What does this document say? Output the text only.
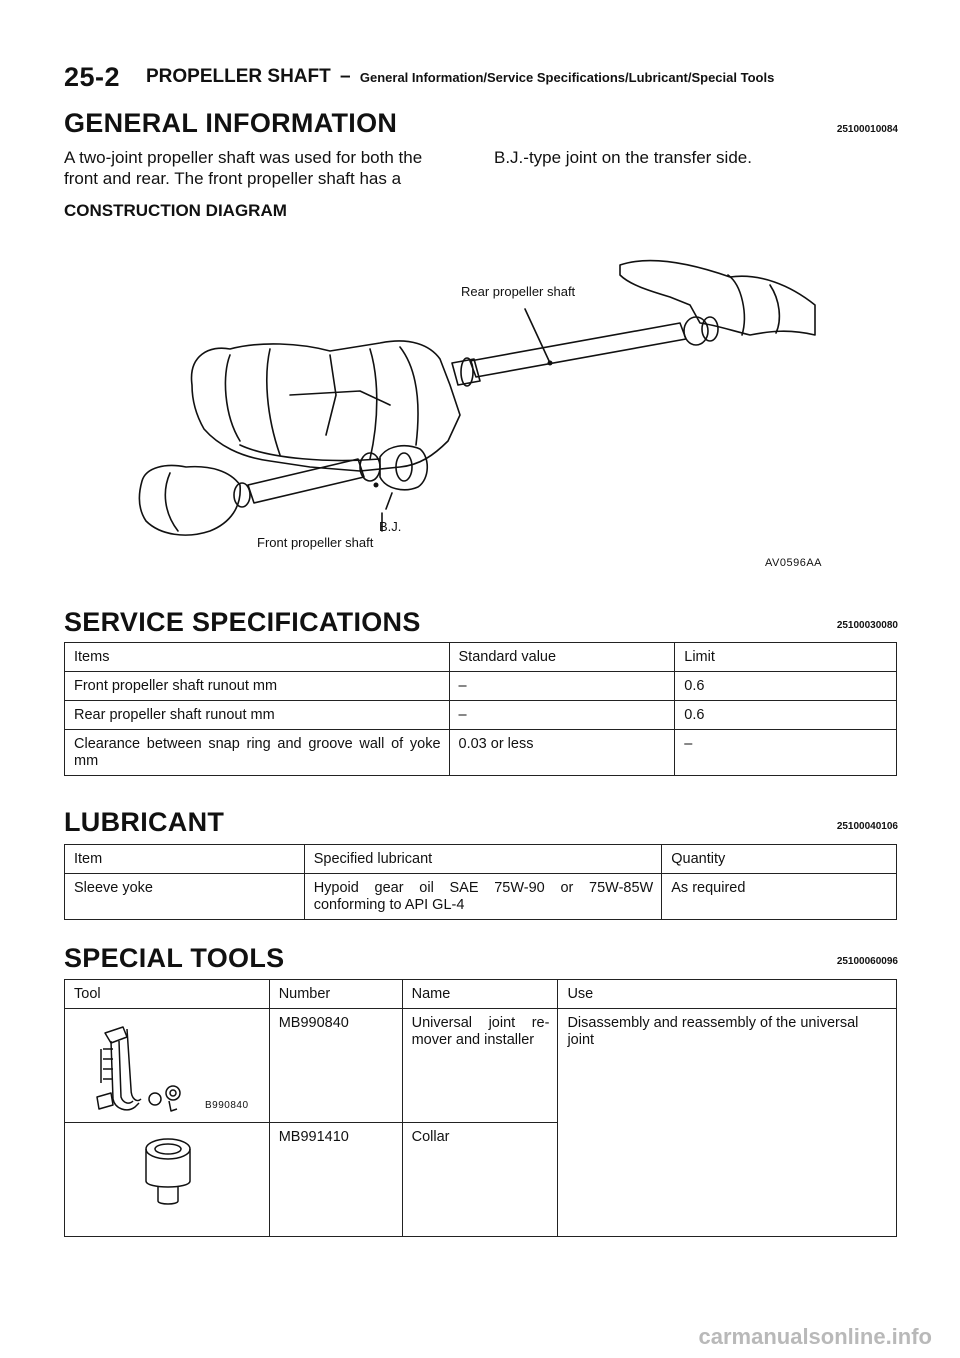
25-2 PROPELLER SHAFT – General Information/Service Specifications/Lubricant/Special Tools
GENERAL INFORMATION	25100010084
A two-joint propeller shaft was used for both the
front and rear. The front propeller shaft has a
B.J.-type joint on the transfer side.
CONSTRUCTION DIAGRAM
Rear propeller shaft
B.J.
Front propeller shaft
AV0596AA
SERVICE SPECIFICATIONS	25100030080
Items	Standard value	Limit
Front propeller shaft runout mm	–	0.6
Rear propeller shaft runout mm	–	0.6
Clearance between snap ring and groove wall of yoke mm	0.03 or less	–
LUBRICANT	25100040106
Item	Specified lubricant	Quantity
Sleeve yoke	Hypoid gear oil SAE 75W-90 or 75W-85W conforming to API GL-4	As required
SPECIAL TOOLS	25100060096
Tool	Number	Name	Use

B990840	MB990840	Universal joint re- mover and installer	Disassembly and reassembly of the universal joint

	MB991410	Collar	
carmanualsonline.info
